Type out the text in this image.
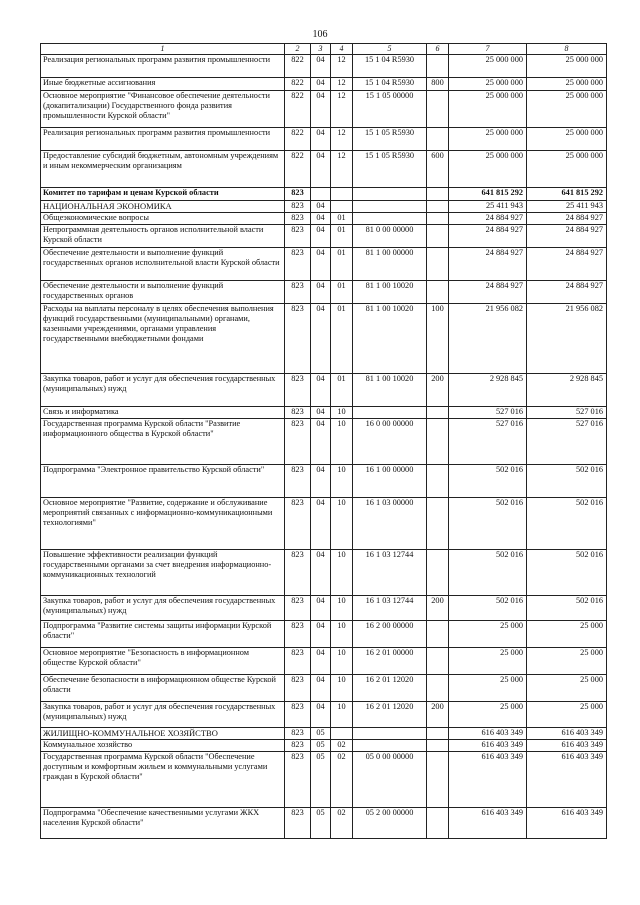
106
1	2	3	4	5	6	7	8
Реализация региональных программ развития промышленности	822	04	12	15 1 04 R5930		25 000 000	25 000 000
Иные бюджетные ассигнования	822	04	12	15 1 04 R5930	800	25 000 000	25 000 000
Основное мероприятие "Финансовое обеспечение деятельности (докапитализации) Государственного фонда развития промышленности Курской области"	822	04	12	15 1 05 00000		25 000 000	25 000 000
Реализация региональных программ развития промышленности	822	04	12	15 1 05 R5930		25 000 000	25 000 000
Предоставление субсидий бюджетным, автономным учреждениям и иным некоммерческим организациям	822	04	12	15 1 05 R5930	600	25 000 000	25 000 000
Комитет по тарифам и ценам Курской области	823					641 815 292	641 815 292
НАЦИОНАЛЬНАЯ ЭКОНОМИКА	823	04				25 411 943	25 411 943
Общеэкономические вопросы	823	04	01			24 884 927	24 884 927
Непрограммная деятельность органов исполнительной власти Курской области	823	04	01	81 0 00 00000		24 884 927	24 884 927
Обеспечение деятельности и выполнение функций государственных органов исполнительной власти Курской области	823	04	01	81 1 00 00000		24 884 927	24 884 927
Обеспечение деятельности и выполнение функций государственных органов	823	04	01	81 1 00 10020		24 884 927	24 884 927
Расходы на выплаты персоналу в целях обеспечения выполнения функций государственными (муниципальными) органами, казенными учреждениями, органами управления государственными внебюджетными фондами	823	04	01	81 1 00 10020	100	21 956 082	21 956 082
Закупка товаров, работ и услуг для обеспечения государственных (муниципальных) нужд	823	04	01	81 1 00 10020	200	2 928 845	2 928 845
Связь и информатика	823	04	10			527 016	527 016
Государственная программа Курской области "Развитие информационного общества в Курской области"	823	04	10	16 0 00 00000		527 016	527 016
Подпрограмма "Электронное правительство Курской области"	823	04	10	16 1 00 00000		502 016	502 016
Основное мероприятие "Развитие, содержание и обслуживание мероприятий связанных с информационно-коммуникационными технологиями"	823	04	10	16 1 03 00000		502 016	502 016
Повышение эффективности реализации функций государственными органами за счет внедрения информационно-коммуникационных технологий	823	04	10	16 1 03 12744		502 016	502 016
Закупка товаров, работ и услуг для обеспечения государственных (муниципальных) нужд	823	04	10	16 1 03 12744	200	502 016	502 016
Подпрограмма "Развитие системы защиты информации Курской области"	823	04	10	16 2 00 00000		25 000	25 000
Основное мероприятие "Безопасность в информационном обществе Курской области"	823	04	10	16 2 01 00000		25 000	25 000
Обеспечение безопасности в информационном обществе Курской области	823	04	10	16 2 01 12020		25 000	25 000
Закупка товаров, работ и услуг для обеспечения государственных (муниципальных) нужд	823	04	10	16 2 01 12020	200	25 000	25 000
ЖИЛИЩНО-КОММУНАЛЬНОЕ ХОЗЯЙСТВО	823	05				616 403 349	616 403 349
Коммунальное хозяйство	823	05	02			616 403 349	616 403 349
Государственная программа Курской области "Обеспечение доступным и комфортным жильем и коммунальными услугами граждан в Курской области"	823	05	02	05 0 00 00000		616 403 349	616 403 349
Подпрограмма "Обеспечение качественными услугами ЖКХ населения Курской области"	823	05	02	05 2 00 00000		616 403 349	616 403 349
